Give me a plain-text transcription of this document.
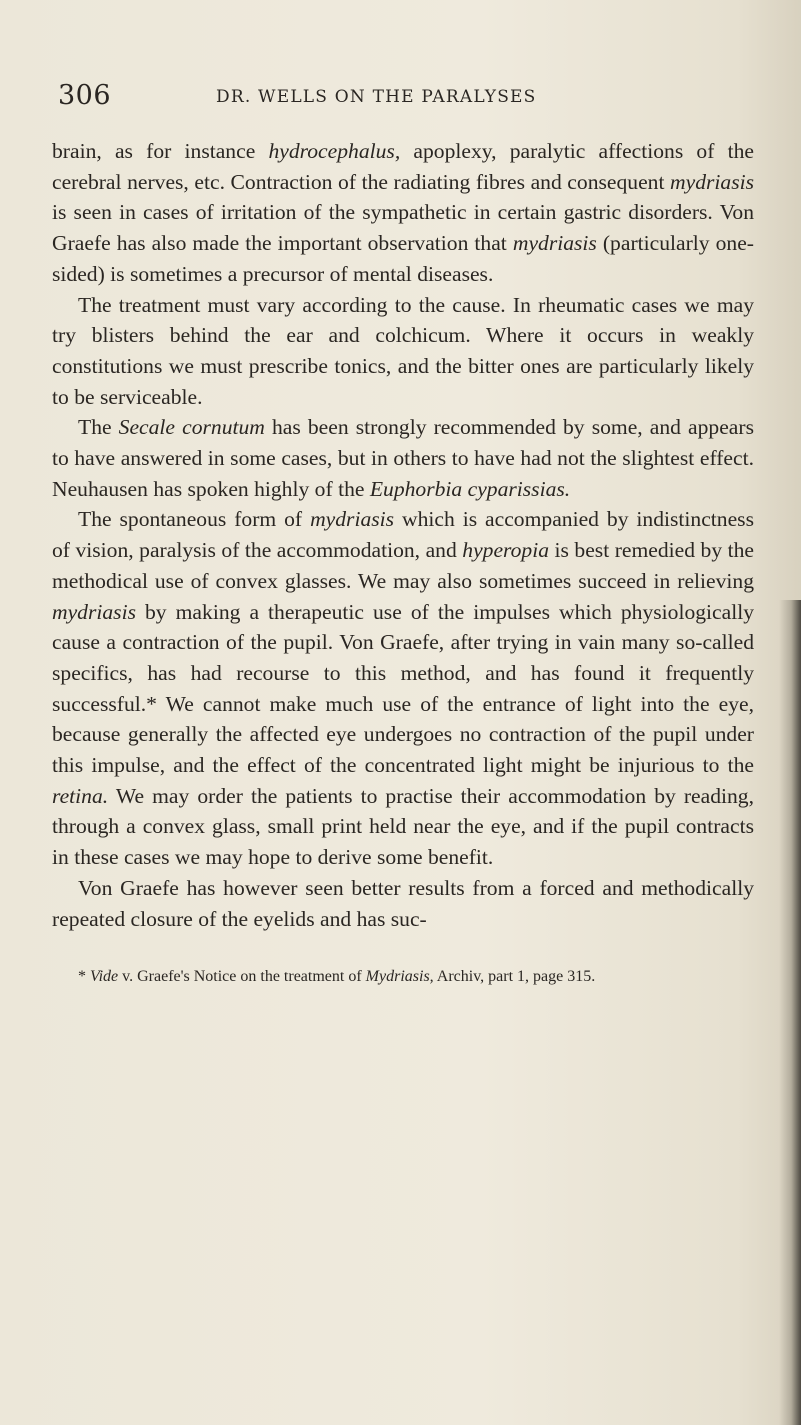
306	DR. WELLS ON THE PARALYSES

brain, as for instance hydrocephalus, apoplexy, paralytic affections of the cerebral nerves, etc. Contraction of the radiating fibres and consequent mydriasis is seen in cases of irritation of the sympathetic in certain gastric disorders. Von Graefe has also made the important observation that mydriasis (particularly one-sided) is sometimes a precursor of mental diseases.

The treatment must vary according to the cause. In rheumatic cases we may try blisters behind the ear and colchicum. Where it occurs in weakly constitutions we must prescribe tonics, and the bitter ones are particularly likely to be serviceable.

The Secale cornutum has been strongly recommended by some, and appears to have answered in some cases, but in others to have had not the slightest effect. Neuhausen has spoken highly of the Euphorbia cyparissias.

The spontaneous form of mydriasis which is accompanied by indistinctness of vision, paralysis of the accommodation, and hyperopia is best remedied by the methodical use of convex glasses. We may also sometimes succeed in relieving mydriasis by making a therapeutic use of the impulses which physiologically cause a contraction of the pupil. Von Graefe, after trying in vain many so-called specifics, has had recourse to this method, and has found it frequently successful.* We cannot make much use of the entrance of light into the eye, because generally the affected eye undergoes no contraction of the pupil under this impulse, and the effect of the concentrated light might be injurious to the retina. We may order the patients to practise their accommodation by reading, through a convex glass, small print held near the eye, and if the pupil contracts in these cases we may hope to derive some benefit.

Von Graefe has however seen better results from a forced and methodically repeated closure of the eyelids and has suc-

* Vide v. Graefe's Notice on the treatment of Mydriasis, Archiv, part 1, page 315.
